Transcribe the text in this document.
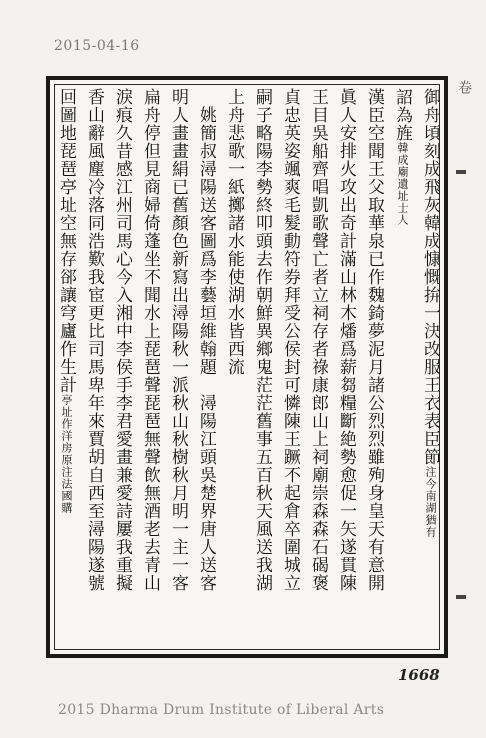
2015-04-16
御舟頃刻成飛灰韓成慷慨拚一決改服王衣表臣節注今南湖猶有
詔為旌韓成廟遺址士人
漢臣空聞王父取華泉已作魏錡夢泥月諸公烈烈雖殉身皇天有意開
眞人安排火攻出奇計滿山林木燔爲薪芻糧斷絶勢愈促一矢遂貫陳
王目吳船齊唱凱歌聲亡者立祠存者祿康郎山上祠廟崇森森石碣褒
貞忠英姿颯爽毛髮動符券拜受公侯封可憐陳王蹶不起倉卒圍城立
嗣子略陽李勢終叩頭去作朝鮮異鄉鬼茫茫舊事五百秋天風送我湖
上舟悲歌一紙擲諸水能使湖水皆西流
　姚簡叔潯陽送客圖爲李藝垣維翰題　潯陽江頭吳楚界唐人送客
明人畫畫絹已舊顏色新寫出潯陽秋一派秋山秋樹秋月明一主一客
扁舟停但見商婦倚蓬坐不聞水上琵琶聲琵琶無聲飲無酒老去青山
淚痕久昔感江州司馬心今入湘中李侯手李君愛畫兼愛詩屢我重擬
香山辭風塵冷落同浩歎我宦更比司馬卑年來賈胡自西至潯陽遂號
回圖地琵琶亭址空無存郤讓穹廬作生計亭址作洋房原注法國購
卷
1668
2015 Dharma Drum Institute of Liberal Arts
